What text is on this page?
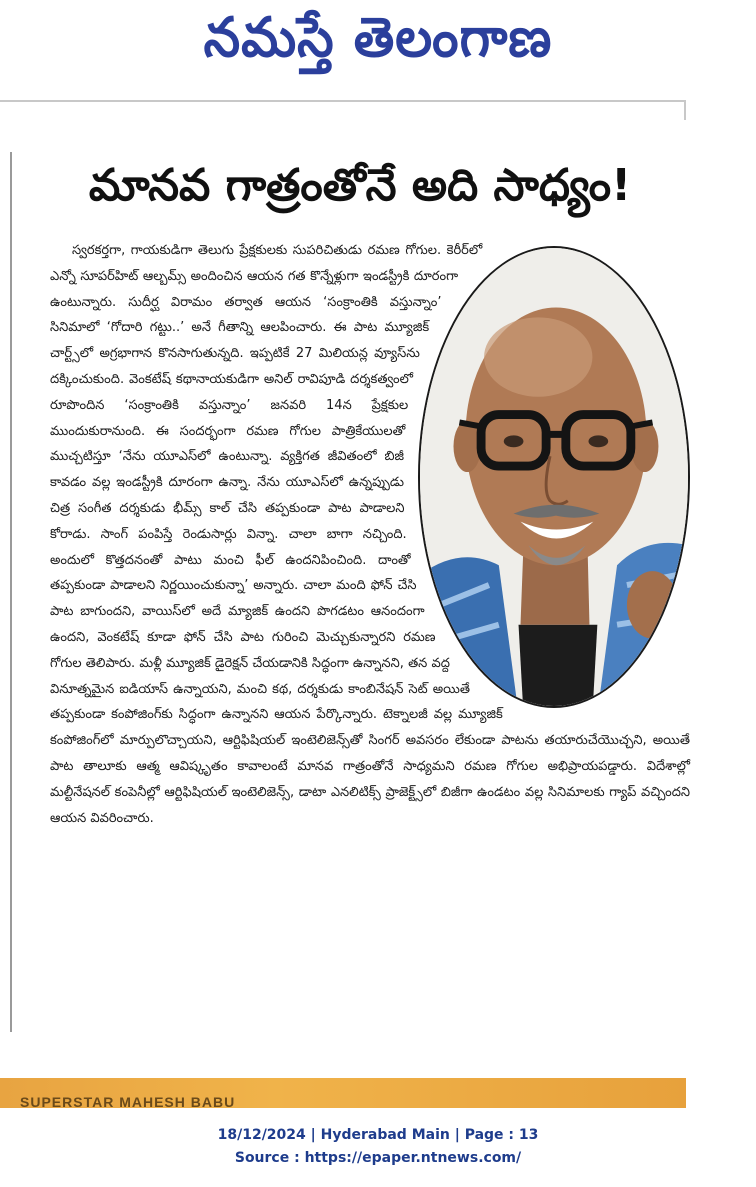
నమస్తే తెలంగాణ
మానవ గాత్రంతోనే అది సాధ్యం!

స్వరకర్తగా, గాయకుడిగా తెలుగు ప్రేక్షకులకు సుపరిచితుడు రమణ గోగుల. కెరీర్‌లో ఎన్నో సూపర్‌హిట్ ఆల్బమ్స్ అందించిన ఆయన గత కొన్నేళ్లుగా ఇండస్ట్రీకి దూరంగా ఉంటున్నారు. సుదీర్ఘ విరామం తర్వాత ఆయన ‘సంక్రాంతికి వస్తున్నాం’ సినిమాలో ‘గోదారి గట్టు..’ అనే గీతాన్ని ఆలపించారు. ఈ పాట మ్యూజిక్ చార్ట్స్‌లో అగ్రభాగాన కొనసాగుతున్నది. ఇప్పటికే 27 మిలియన్ల వ్యూస్‌ను దక్కించుకుంది. వెంకటేష్ కథానాయకుడిగా అనిల్ రావిపూడి దర్శకత్వంలో రూపొందిన ‘సంక్రాంతికి వస్తున్నాం’ జనవరి 14న ప్రేక్షకుల ముందుకురానుంది. ఈ సందర్భంగా రమణ గోగుల పాత్రికేయులతో ముచ్చటిస్తూ ‘నేను యూఎస్‌లో ఉంటున్నా. వ్యక్తిగత జీవితంలో బిజీ కావడం వల్ల ఇండస్ట్రీకి దూరంగా ఉన్నా. నేను యూఎస్‌లో ఉన్నప్పుడు చిత్ర సంగీత దర్శకుడు భీమ్స్ కాల్ చేసి తప్పకుండా పాట పాడాలని కోరాడు. సాంగ్ పంపిస్తే రెండుసార్లు విన్నా. చాలా బాగా నచ్చింది. అందులో కొత్తదనంతో పాటు మంచి ఫీల్ ఉందనిపించింది. దాంతో తప్పకుండా పాడాలని నిర్ణయించుకున్నా’ అన్నారు. చాలా మంది ఫోన్ చేసి పాట బాగుందని, వాయిస్‌లో అదే మ్యాజిక్ ఉందని పొగడటం ఆనందంగా ఉందని, వెంకటేష్ కూడా ఫోన్ చేసి పాట గురించి మెచ్చుకున్నారని రమణ గోగుల తెలిపారు. మళ్లీ మ్యూజిక్ డైరెక్షన్ చేయడానికి సిద్ధంగా ఉన్నానని, తన వద్ద వినూత్నమైన ఐడియాస్ ఉన్నాయని, మంచి కథ, దర్శకుడు కాంబినేషన్ సెట్ అయితే తప్పకుండా కంపోజింగ్‌కు సిద్ధంగా ఉన్నానని ఆయన పేర్కొన్నారు. టెక్నాలజీ వల్ల మ్యూజిక్ కంపోజింగ్‌లో మార్పులొచ్చాయని, ఆర్టిఫిషియల్ ఇంటెలిజెన్స్‌తో సింగర్ అవసరం లేకుండా పాటను తయారుచేయొచ్చని, అయితే పాట తాలూకు ఆత్మ ఆవిష్కృతం కావాలంటే మానవ గాత్రంతోనే సాధ్యమని రమణ గోగుల అభిప్రాయపడ్డారు. విదేశాల్లో మల్టీనేషనల్ కంపెనీల్లో ఆర్టిఫిషియల్ ఇంటెలిజెన్స్, డాటా ఎనలిటిక్స్ ప్రాజెక్ట్స్‌లో బిజీగా ఉండటం వల్ల సినిమాలకు గ్యాప్ వచ్చిందని ఆయన వివరించారు.

SUPERSTAR MAHESH BABU
18/12/2024 | Hyderabad Main | Page : 13
Source : https://epaper.ntnews.com/
